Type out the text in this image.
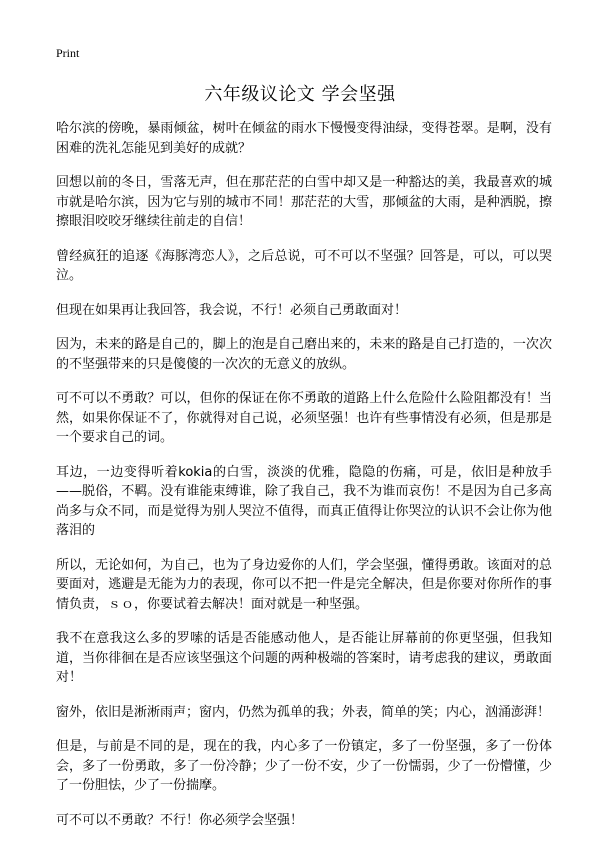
Print
六年级议论文 学会坚强

哈尔滨的傍晚，暴雨倾盆，树叶在倾盆的雨水下慢慢变得油绿，变得苍翠。是啊，没有困难的洗礼怎能见到美好的成就？

回想以前的冬日，雪落无声，但在那茫茫的白雪中却又是一种豁达的美，我最喜欢的城市就是哈尔滨，因为它与别的城市不同！那茫茫的大雪，那倾盆的大雨，是种洒脱，擦擦眼泪咬咬牙继续往前走的自信！

曾经疯狂的追逐《海豚湾恋人》，之后总说，可不可以不坚强？回答是，可以，可以哭泣。

但现在如果再让我回答，我会说，不行！必须自己勇敢面对！

因为，未来的路是自己的，脚上的泡是自己磨出来的，未来的路是自己打造的，一次次的不坚强带来的只是傻傻的一次次的无意义的放纵。

可不可以不勇敢？可以，但你的保证在你不勇敢的道路上什么危险什么险阻都没有！当然，如果你保证不了，你就得对自己说，必须坚强！也许有些事情没有必须，但是那是一个要求自己的词。

耳边，一边变得听着kokia的白雪，淡淡的优雅，隐隐的伤痛，可是，依旧是种放手——脱俗，不羁。没有谁能束缚谁，除了我自己，我不为谁而哀伤！不是因为自己多高尚多与众不同，而是觉得为别人哭泣不值得，而真正值得让你哭泣的认识不会让你为他落泪的

所以，无论如何，为自己，也为了身边爱你的人们，学会坚强，懂得勇敢。该面对的总要面对，逃避是无能为力的表现，你可以不把一件是完全解决，但是你要对你所作的事情负责，ｓｏ，你要试着去解决！面对就是一种坚强。

我不在意我这么多的罗嗦的话是否能感动他人，是否能让屏幕前的你更坚强，但我知道，当你徘徊在是否应该坚强这个问题的两种极端的答案时，请考虑我的建议，勇敢面对！

窗外，依旧是淅淅雨声；窗内，仍然为孤单的我；外表，简单的笑；内心，汹涌澎湃！

但是，与前是不同的是，现在的我，内心多了一份镇定，多了一份坚强，多了一份体会，多了一份勇敢，多了一份冷静；少了一份不安，少了一份懦弱，少了一份懵懂，少了一份胆怯，少了一份揣摩。

可不可以不勇敢？不行！你必须学会坚强！
